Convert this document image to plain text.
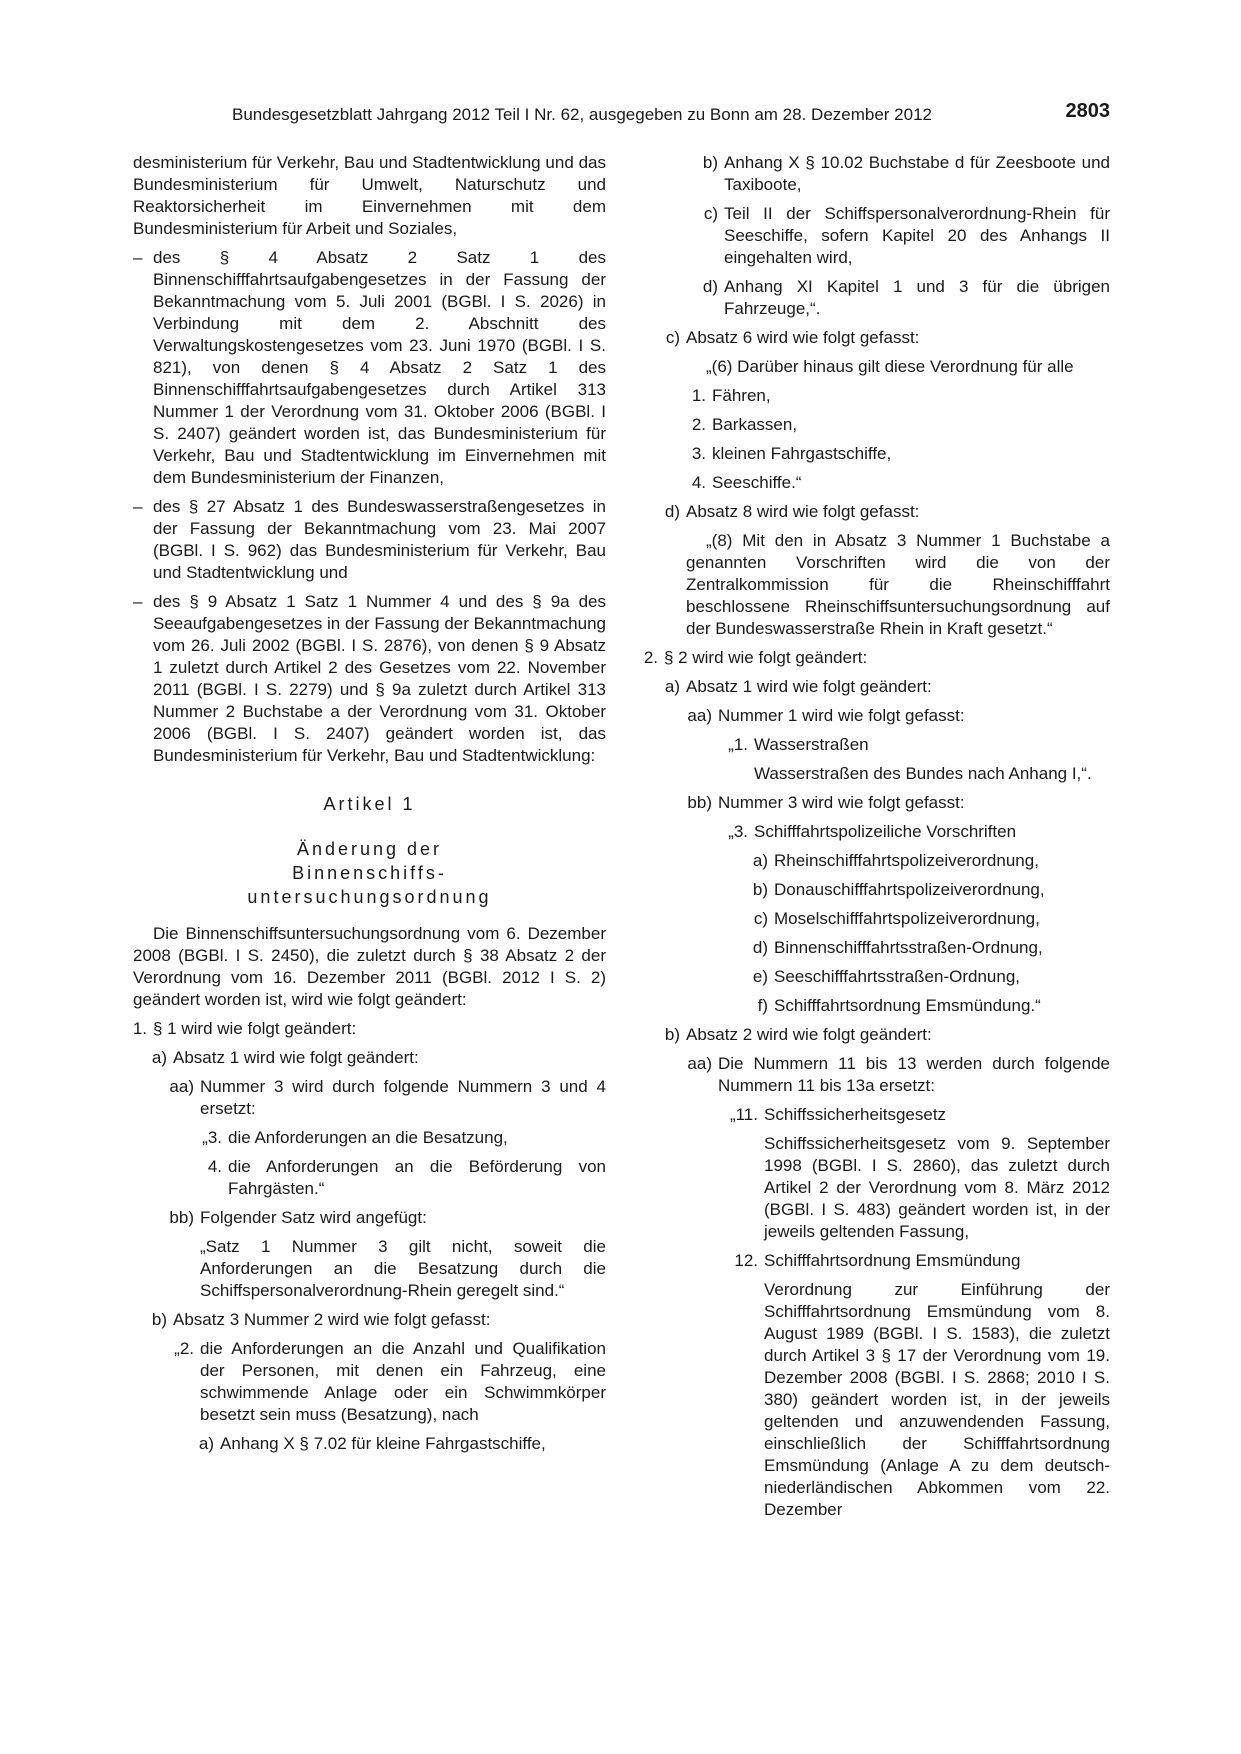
Bundesgesetzblatt Jahrgang 2012 Teil I Nr. 62, ausgegeben zu Bonn am 28. Dezember 2012	2803

desministerium für Verkehr, Bau und Stadtentwicklung und das Bundesministerium für Umwelt, Naturschutz und Reaktorsicherheit im Einvernehmen mit dem Bundesministerium für Arbeit und Soziales,

– des § 4 Absatz 2 Satz 1 des Binnenschifffahrtsaufgabengesetzes in der Fassung der Bekanntmachung vom 5. Juli 2001 (BGBl. I S. 2026) in Verbindung mit dem 2. Abschnitt des Verwaltungskostengesetzes vom 23. Juni 1970 (BGBl. I S. 821), von denen § 4 Absatz 2 Satz 1 des Binnenschifffahrtsaufgabengesetzes durch Artikel 313 Nummer 1 der Verordnung vom 31. Oktober 2006 (BGBl. I S. 2407) geändert worden ist, das Bundesministerium für Verkehr, Bau und Stadtentwicklung im Einvernehmen mit dem Bundesministerium der Finanzen,
– des § 27 Absatz 1 des Bundeswasserstraßengesetzes in der Fassung der Bekanntmachung vom 23. Mai 2007 (BGBl. I S. 962) das Bundesministerium für Verkehr, Bau und Stadtentwicklung und
– des § 9 Absatz 1 Satz 1 Nummer 4 und des § 9a des Seeaufgabengesetzes in der Fassung der Bekanntmachung vom 26. Juli 2002 (BGBl. I S. 2876), von denen § 9 Absatz 1 zuletzt durch Artikel 2 des Gesetzes vom 22. November 2011 (BGBl. I S. 2279) und § 9a zuletzt durch Artikel 313 Nummer 2 Buchstabe a der Verordnung vom 31. Oktober 2006 (BGBl. I S. 2407) geändert worden ist, das Bundesministerium für Verkehr, Bau und Stadtentwicklung:

Artikel 1

Änderung der

Binnenschiffs-

untersuchungsordnung

Die Binnenschiffsuntersuchungsordnung vom 6. Dezember 2008 (BGBl. I S. 2450), die zuletzt durch § 38 Absatz 2 der Verordnung vom 16. Dezember 2011 (BGBl. 2012 I S. 2) geändert worden ist, wird wie folgt geändert:

1. § 1 wird wie folgt geändert:
a) Absatz 1 wird wie folgt geändert:
aa) Nummer 3 wird durch folgende Nummern 3 und 4 ersetzt:
„3. die Anforderungen an die Besatzung,
4. die Anforderungen an die Beförderung von Fahrgästen.“
bb) Folgender Satz wird angefügt:

„Satz 1 Nummer 3 gilt nicht, soweit die Anforderungen an die Besatzung durch die Schiffspersonalverordnung-Rhein geregelt sind.“

b) Absatz 3 Nummer 2 wird wie folgt gefasst:
„2. die Anforderungen an die Anzahl und Qualifikation der Personen, mit denen ein Fahrzeug, eine schwimmende Anlage oder ein Schwimmkörper besetzt sein muss (Besatzung), nach
a) Anhang X § 7.02 für kleine Fahrgastschiffe,
b) Anhang X § 10.02 Buchstabe d für Zeesboote und Taxiboote,
c) Teil II der Schiffspersonalverordnung-Rhein für Seeschiffe, sofern Kapitel 20 des Anhangs II eingehalten wird,
d) Anhang XI Kapitel 1 und 3 für die übrigen Fahrzeuge,“.
c) Absatz 6 wird wie folgt gefasst:

„(6) Darüber hinaus gilt diese Verordnung für alle

1. Fähren,
2. Barkassen,
3. kleinen Fahrgastschiffe,
4. Seeschiffe.“
d) Absatz 8 wird wie folgt gefasst:

„(8) Mit den in Absatz 3 Nummer 1 Buchstabe a genannten Vorschriften wird die von der Zentralkommission für die Rheinschifffahrt beschlossene Rheinschiffsuntersuchungsordnung auf der Bundeswasserstraße Rhein in Kraft gesetzt.“

2. § 2 wird wie folgt geändert:
a) Absatz 1 wird wie folgt geändert:
aa) Nummer 1 wird wie folgt gefasst:
„1. Wasserstraßen

Wasserstraßen des Bundes nach Anhang I,“.

bb) Nummer 3 wird wie folgt gefasst:
„3. Schifffahrtspolizeiliche Vorschriften
a) Rheinschifffahrtspolizeiverordnung,
b) Donauschifffahrtspolizeiverordnung,
c) Moselschifffahrtspolizeiverordnung,
d) Binnenschifffahrtsstraßen-Ordnung,
e) Seeschifffahrtsstraßen-Ordnung,
f) Schifffahrtsordnung Emsmündung.“
b) Absatz 2 wird wie folgt geändert:
aa) Die Nummern 11 bis 13 werden durch folgende Nummern 11 bis 13a ersetzt:
„11. Schiffssicherheitsgesetz

Schiffssicherheitsgesetz vom 9. September 1998 (BGBl. I S. 2860), das zuletzt durch Artikel 2 der Verordnung vom 8. März 2012 (BGBl. I S. 483) geändert worden ist, in der jeweils geltenden Fassung,

12. Schifffahrtsordnung Emsmündung

Verordnung zur Einführung der Schifffahrtsordnung Emsmündung vom 8. August 1989 (BGBl. I S. 1583), die zuletzt durch Artikel 3 § 17 der Verordnung vom 19. Dezember 2008 (BGBl. I S. 2868; 2010 I S. 380) geändert worden ist, in der jeweils geltenden und anzuwendenden Fassung, einschließlich der Schifffahrtsordnung Emsmündung (Anlage A zu dem deutsch-niederländischen Abkommen vom 22. Dezember
